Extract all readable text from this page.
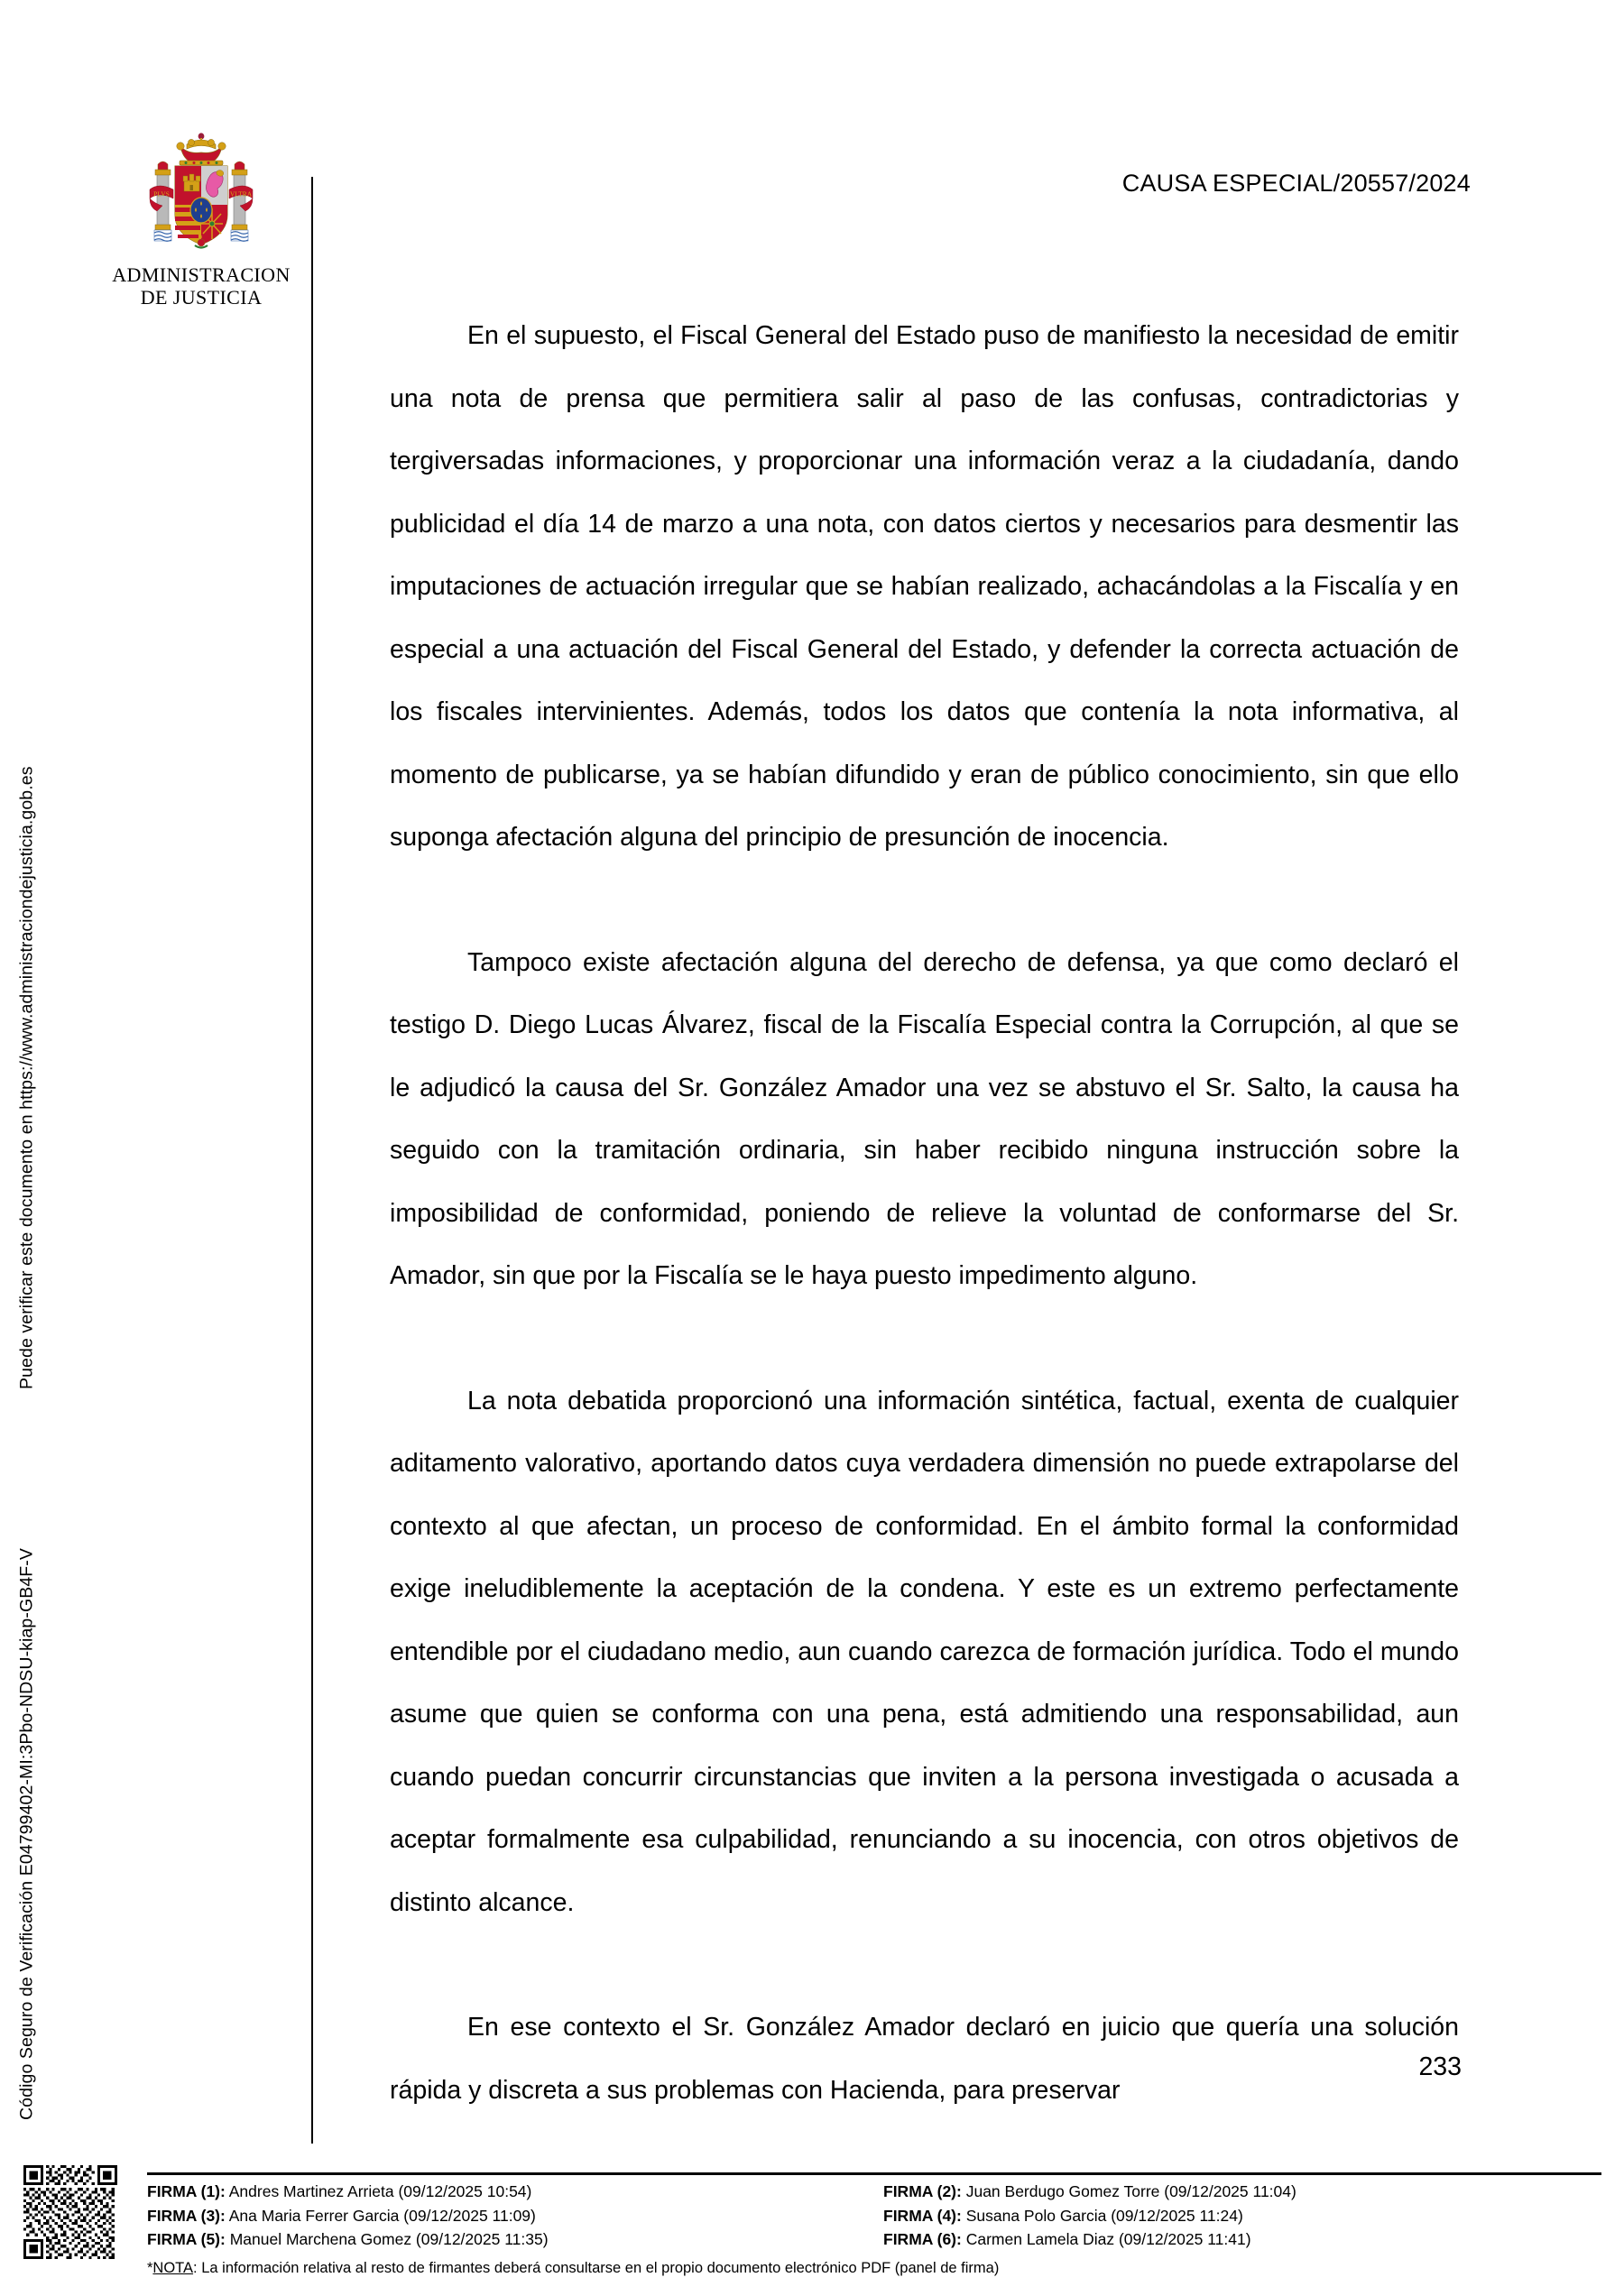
Código Seguro de Verificación E04799402-MI:3Pbo-NDSU-kiap-GB4F-V
Puede verificar este documento en https://www.administraciondejusticia.gob.es
PLVS	VLTRA
ADMINISTRACION
DE JUSTICIA
CAUSA ESPECIAL/20557/2024

En el supuesto, el Fiscal General del Estado puso de manifiesto la necesidad de emitir una nota de prensa que permitiera salir al paso de las confusas, contradictorias y tergiversadas informaciones, y proporcionar una información veraz a la ciudadanía, dando publicidad el día 14 de marzo a una nota, con datos ciertos y necesarios para desmentir las imputaciones de actuación irregular que se habían realizado, achacándolas a la Fiscalía y en especial a una actuación del Fiscal General del Estado, y defender la correcta actuación de los fiscales intervinientes. Además, todos los datos que contenía la nota informativa, al momento de publicarse, ya se habían difundido y eran de público conocimiento, sin que ello suponga afectación alguna del principio de presunción de inocencia.

Tampoco existe afectación alguna del derecho de defensa, ya que como declaró el testigo D. Diego Lucas Álvarez, fiscal de la Fiscalía Especial contra la Corrupción, al que se le adjudicó la causa del Sr. González Amador una vez se abstuvo el Sr. Salto, la causa ha seguido con la tramitación ordinaria, sin haber recibido ninguna instrucción sobre la imposibilidad de conformidad, poniendo de relieve la voluntad de conformarse del Sr. Amador, sin que por la Fiscalía se le haya puesto impedimento alguno.

La nota debatida proporcionó una información sintética, factual, exenta de cualquier aditamento valorativo, aportando datos cuya verdadera dimensión no puede extrapolarse del contexto al que afectan, un proceso de conformidad. En el ámbito formal la conformidad exige ineludiblemente la aceptación de la condena. Y este es un extremo perfectamente entendible por el ciudadano medio, aun cuando carezca de formación jurídica. Todo el mundo asume que quien se conforma con una pena, está admitiendo una responsabilidad, aun cuando puedan concurrir circunstancias que inviten a la persona investigada o acusada a aceptar formalmente esa culpabilidad, renunciando a su inocencia, con otros objetivos de distinto alcance.

En ese contexto el Sr. González Amador declaró en juicio que quería una solución rápida y discreta a sus problemas con Hacienda, para preservar

233
FIRMA (1): Andres Martinez Arrieta (09/12/2025 10:54)
FIRMA (3): Ana Maria Ferrer Garcia (09/12/2025 11:09)
FIRMA (5): Manuel Marchena Gomez (09/12/2025 11:35)
FIRMA (2): Juan Berdugo Gomez Torre (09/12/2025 11:04)
FIRMA (4): Susana Polo Garcia (09/12/2025 11:24)
FIRMA (6): Carmen Lamela Diaz (09/12/2025 11:41)
*NOTA: La información relativa al resto de firmantes deberá consultarse en el propio documento electrónico PDF (panel de firma)
